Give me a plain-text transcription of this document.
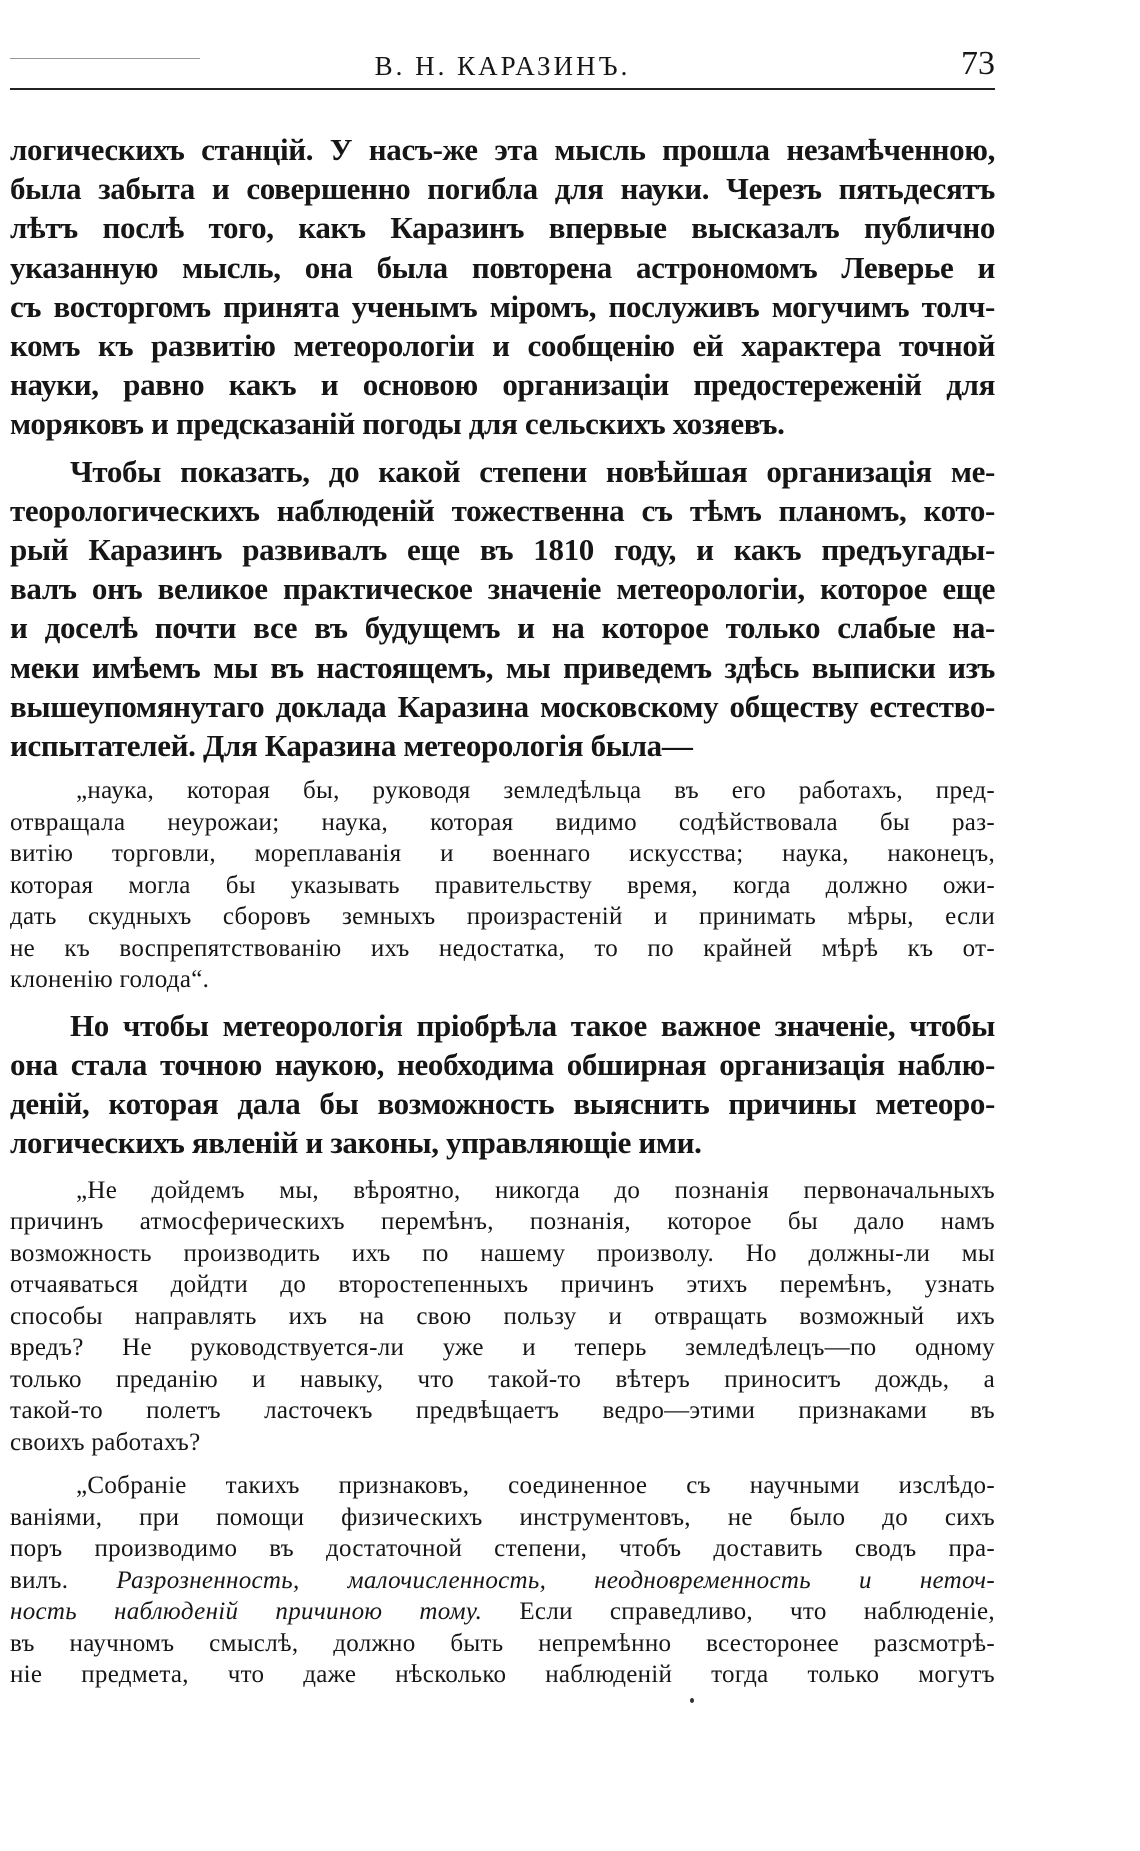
В. Н. КАРАЗИНЪ.	73
логическихъ станцій. У насъ-же эта мысль прошла незамѣченною,
была забыта и совершенно погибла для науки. Черезъ пятьдесятъ
лѣтъ послѣ того, какъ Каразинъ впервые высказалъ публично
указанную мысль, она была повторена астрономомъ Леверье и
съ восторгомъ принята ученымъ міромъ, послуживъ могучимъ толч-
комъ къ развитію метеорологіи и сообщенію ей характера точной
науки, равно какъ и основою организаціи предостереженій для
моряковъ и предсказаній погоды для сельскихъ хозяевъ.
Чтобы показать, до какой степени новѣйшая организація ме-
теорологическихъ наблюденій тожественна съ тѣмъ планомъ, кото-
рый Каразинъ развивалъ еще въ 1810 году, и какъ предъугады-
валъ онъ великое практическое значеніе метеорологіи, которое еще
и доселѣ почти все въ будущемъ и на которое только слабые на-
меки имѣемъ мы въ настоящемъ, мы приведемъ здѣсь выписки изъ
вышеупомянутаго доклада Каразина московскому обществу естество-
испытателей. Для Каразина метеорологія была—
„наука, которая бы, руководя земледѣльца въ его работахъ, пред-
отвращала неурожаи; наука, которая видимо содѣйствовала бы раз-
витію торговли, мореплаванія и военнаго искусства; наука, наконецъ,
которая могла бы указывать правительству время, когда должно ожи-
дать скудныхъ сборовъ земныхъ произрастеній и принимать мѣры, если
не къ воспрепятствованію ихъ недостатка, то по крайней мѣрѣ къ от-
клоненію голода“.
Но чтобы метеорологія пріобрѣла такое важное значеніе, чтобы
она стала точною наукою, необходима обширная организація наблю-
деній, которая дала бы возможность выяснить причины метеоро-
логическихъ явленій и законы, управляющіе ими.
„Не дойдемъ мы, вѣроятно, никогда до познанія первоначальныхъ
причинъ атмосферическихъ перемѣнъ, познанія, которое бы дало намъ
возможность производить ихъ по нашему произволу. Но должны-ли мы
отчаяваться дойдти до второстепенныхъ причинъ этихъ перемѣнъ, узнать
способы направлять ихъ на свою пользу и отвращать возможный ихъ
вредъ? Не руководствуется-ли уже и теперь земледѣлецъ—по одному
только преданію и навыку, что такой-то вѣтеръ приноситъ дождь, а
такой-то полетъ ласточекъ предвѣщаетъ ведро—этими признаками въ
своихъ работахъ?
„Собраніе такихъ признаковъ, соединенное съ научными изслѣдо-
ваніями, при помощи физическихъ инструментовъ, не было до сихъ
поръ производимо въ достаточной степени, чтобъ доставить сводъ пра-
вилъ. Разрозненность, малочисленность, неодновременность и неточ-
ность наблюденій причиною тому. Если справедливо, что наблюденіе,
въ научномъ смыслѣ, должно быть непремѣнно всесторонее разсмотрѣ-
ніе предмета, что даже нѣсколько наблюденій тогда только могутъ
